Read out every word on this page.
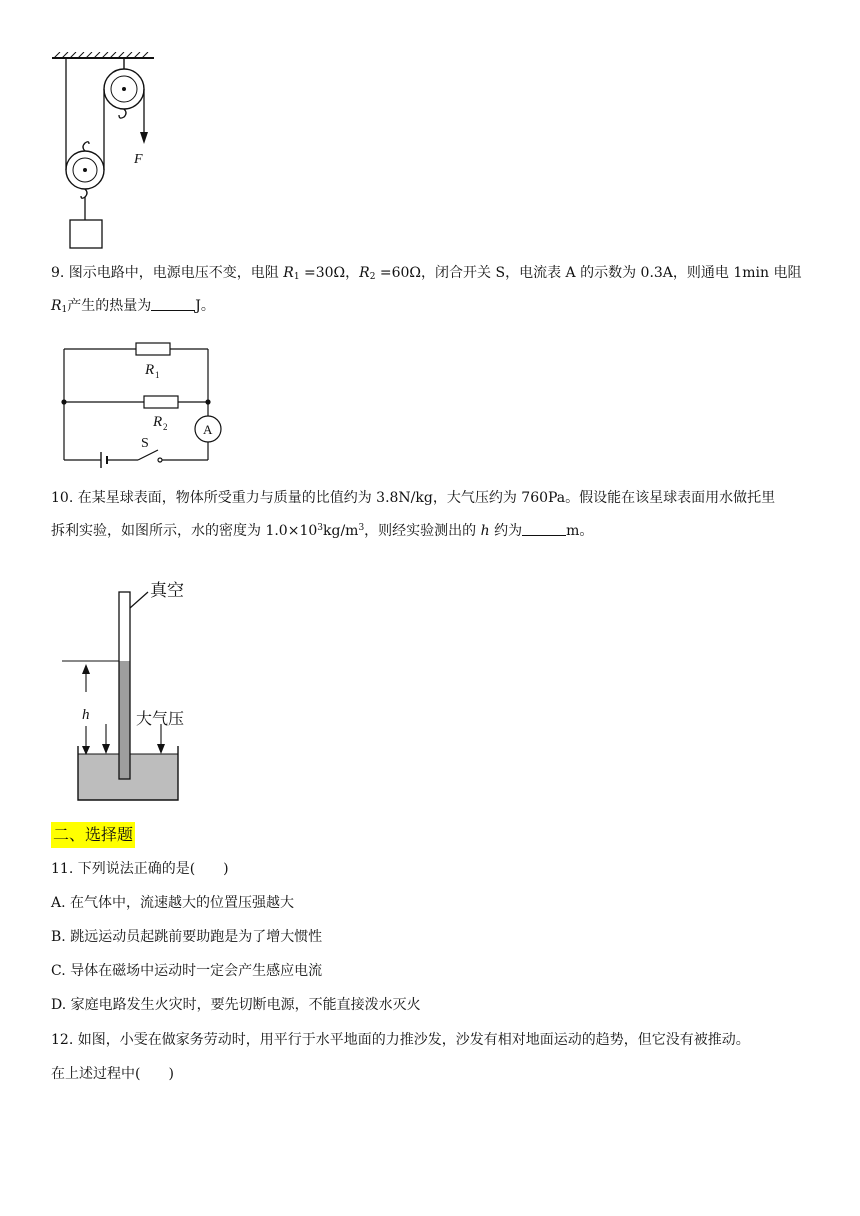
F
9. 图示电路中，电源电压不变，电阻 $R_1 =30\Omega$，$R_2 =60\Omega$，闭合开关 S，电流表 A 的示数为 0.3A，则通电 1min 电阻
$R_1$产生的热量为	J。
R 1
R 2
S
A
10. 在某星球表面，物体所受重力与质量的比值约为 3.8N/kg，大气压约为 760Pa。假设能在该星球表面用水做托里
拆利实验，如图所示，水的密度为 $1.0\times 10^3kg/m^3$，则经实验测出的 h 约为	m。
真空
h	大气压
二、选择题
11. 下列说法正确的是(　　)
A. 在气体中，流速越大的位置压强越大
B. 跳远运动员起跳前要助跑是为了增大惯性
C. 导体在磁场中运动时一定会产生感应电流
D. 家庭电路发生火灾时，要先切断电源，不能直接泼水灭火
12. 如图，小雯在做家务劳动时，用平行于水平地面的力推沙发，沙发有相对地面运动的趋势，但它没有被推动。
在上述过程中(　　)
